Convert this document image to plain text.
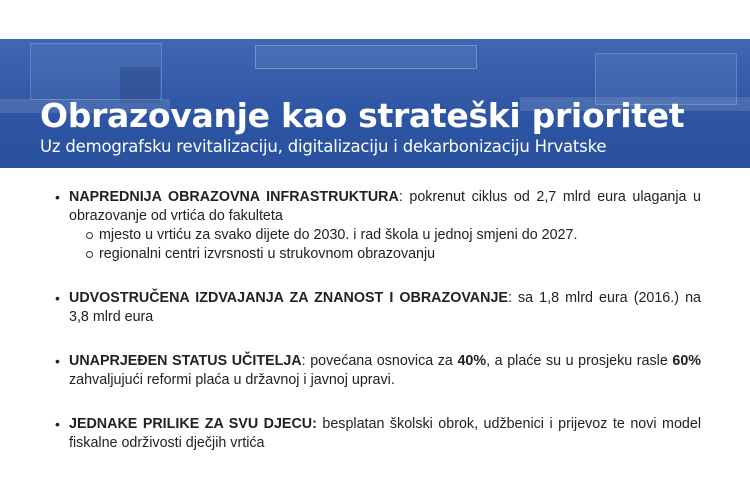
Obrazovanje kao strateški prioritet
Uz demografsku revitalizaciju, digitalizaciju i dekarbonizaciju Hrvatske
• NAPREDNIJA OBRAZOVNA INFRASTRUKTURA: pokrenut ciklus od 2,7 mlrd eura ulaganja u obrazovanje od vrtića do fakulteta
mjesto u vrtiću za svako dijete do 2030. i rad škola u jednoj smjeni do 2027.
regionalni centri izvrsnosti u strukovnom obrazovanju
• UDVOSTRUČENA IZDVAJANJA ZA ZNANOST I OBRAZOVANJE: sa 1,8 mlrd eura (2016.) na 3,8 mlrd eura
• UNAPRJEĐEN STATUS UČITELJA: povećana osnovica za 40%, a plaće su u prosjeku rasle 60% zahvaljujući reformi plaća u državnoj i javnoj upravi.
• JEDNAKE PRILIKE ZA SVU DJECU: besplatan školski obrok, udžbenici i prijevoz te novi model fiskalne održivosti dječjih vrtića
